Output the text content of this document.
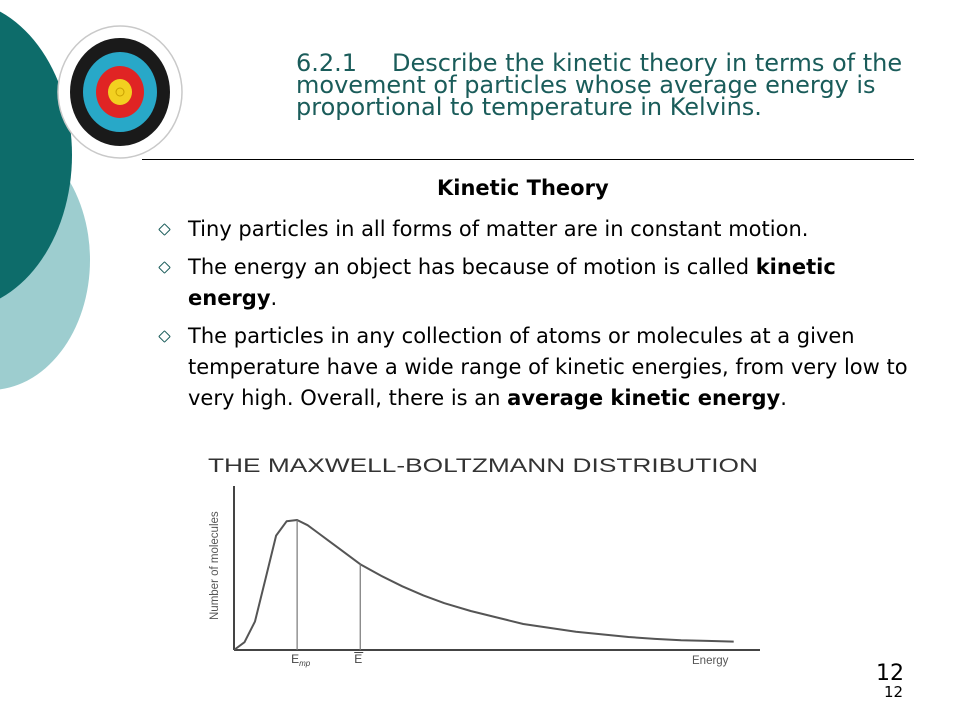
6.2.1 Describe the kinetic theory in terms of the movement of particles whose average energy is proportional to temperature in Kelvins.
Kinetic Theory
Tiny particles in all forms of matter are in constant motion.
The energy an object has because of motion is called kinetic energy.
The particles in any collection of atoms or molecules at a given temperature have a wide range of kinetic energies, from very low to very high. Overall, there is an average kinetic energy.
THE MAXWELL-BOLTZMANN DISTRIBUTION
Number of molecules
Energy
$E_{mp}$	E
12
12
